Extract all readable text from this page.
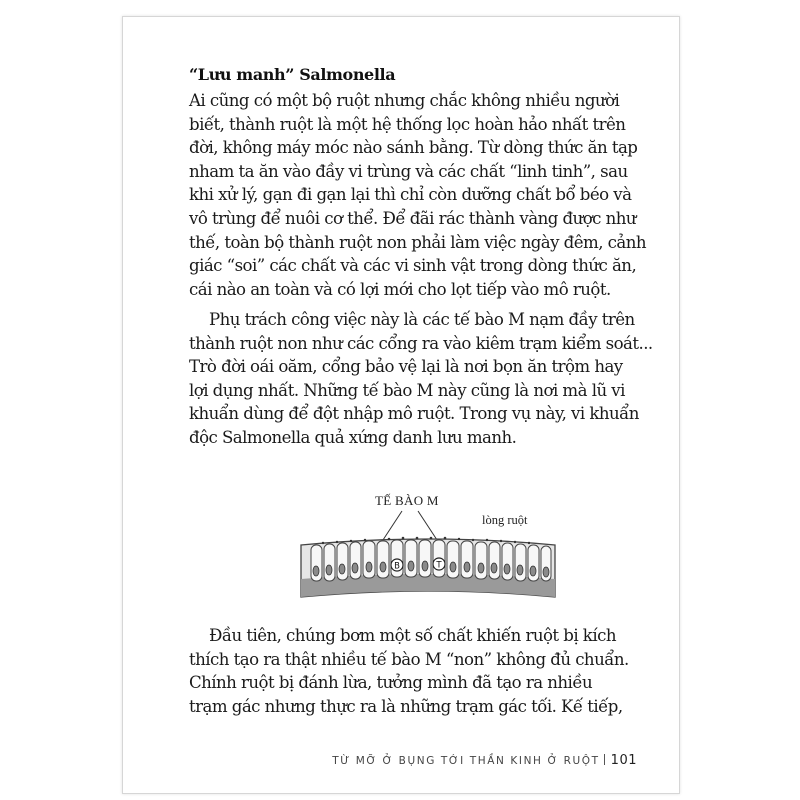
“Lưu manh” Salmonella

Ai cũng có một bộ ruột nhưng chắc không nhiều người
biết, thành ruột là một hệ thống lọc hoàn hảo nhất trên
đời, không máy móc nào sánh bằng. Từ dòng thức ăn tạp
nham ta ăn vào đầy vi trùng và các chất “linh tinh”, sau
khi xử lý, gạn đi gạn lại thì chỉ còn dưỡng chất bổ béo và
vô trùng để nuôi cơ thể. Để đãi rác thành vàng được như
thế, toàn bộ thành ruột non phải làm việc ngày đêm, cảnh
giác “soi” các chất và các vi sinh vật trong dòng thức ăn,
cái nào an toàn và có lợi mới cho lọt tiếp vào mô ruột.

Phụ trách công việc này là các tế bào M nạm đầy trên
thành ruột non như các cổng ra vào kiêm trạm kiểm soát...
Trò đời oái oăm, cổng bảo vệ lại là nơi bọn ăn trộm hay
lợi dụng nhất. Những tế bào M này cũng là nơi mà lũ vi
khuẩn dùng để đột nhập mô ruột. Trong vụ này, vi khuẩn
độc Salmonella quả xứng danh lưu manh.

B	T
TẾ BÀO M
lòng ruột

Đầu tiên, chúng bơm một số chất khiến ruột bị kích
thích tạo ra thật nhiều tế bào M “non” không đủ chuẩn.
Chính ruột bị đánh lừa, tưởng mình đã tạo ra nhiều
trạm gác nhưng thực ra là những trạm gác tối. Kế tiếp,

TỪ MỠ Ở BỤNG TỚI THẦN KINH Ở RUỘT 101
